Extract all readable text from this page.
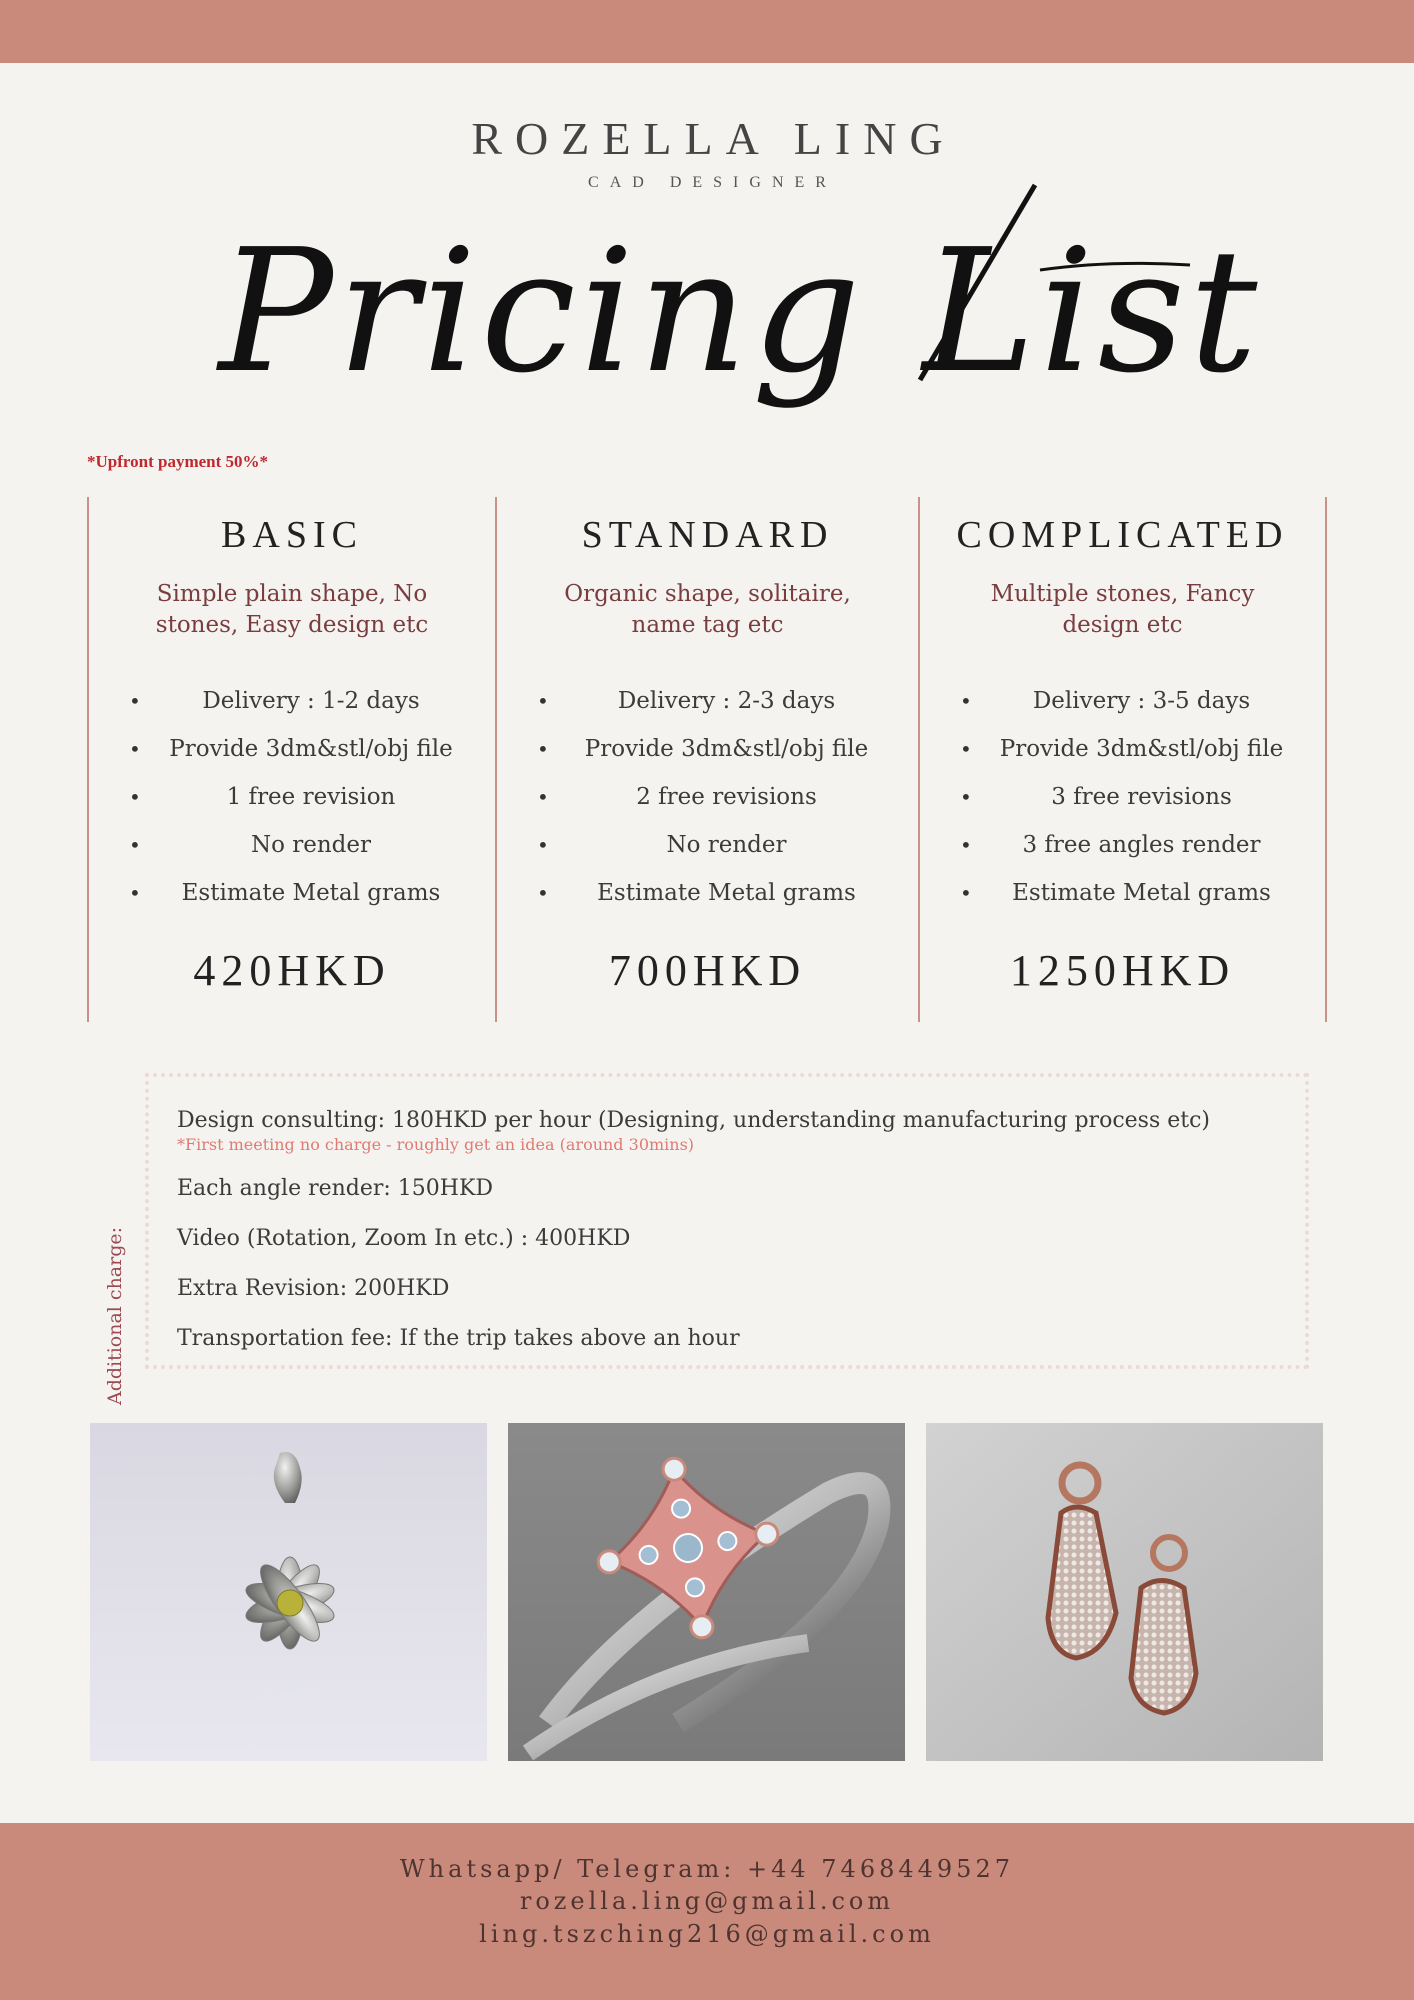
ROZELLA LING
CAD DESIGNER
Pricing List
*Upfront payment 50%*
BASIC
Simple plain shape, No stones, Easy design etc
•	Delivery : 1-2 days
• Provide 3dm&stl/obj file
•	1 free revision
•	No render
• Estimate Metal grams
420HKD
STANDARD
Organic shape, solitaire, name tag etc
•	Delivery : 2-3 days
• Provide 3dm&stl/obj file
•	2 free revisions
•	No render
• Estimate Metal grams
700HKD
COMPLICATED
Multiple stones, Fancy design etc
•	Delivery : 3-5 days
• Provide 3dm&stl/obj file
•	3 free revisions
• 3 free angles render
• Estimate Metal grams
1250HKD
Additional charge:
Design consulting: 180HKD per hour (Designing, understanding manufacturing process etc)
*First meeting no charge - roughly get an idea (around 30mins)
Each angle render: 150HKD
Video (Rotation, Zoom In etc.) : 400HKD
Extra Revision: 200HKD
Transportation fee: If the trip takes above an hour
Whatsapp/ Telegram: +44 7468449527
rozella.ling@gmail.com
ling.tszching216@gmail.com
